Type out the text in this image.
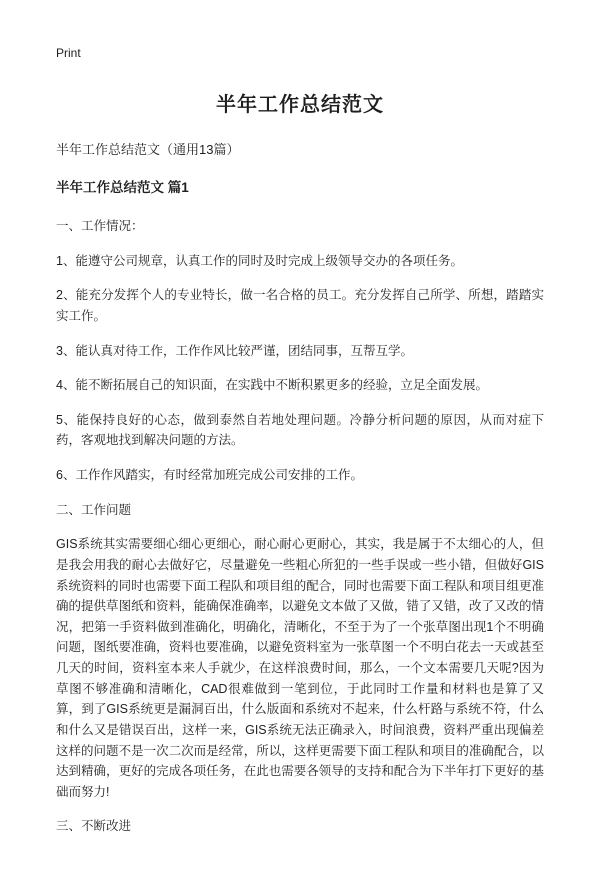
Print
半年工作总结范文

半年工作总结范文（通用13篇）

半年工作总结范文 篇1

一、工作情况：

1、能遵守公司规章，认真工作的同时及时完成上级领导交办的各项任务。

2、能充分发挥个人的专业特长，做一名合格的员工。充分发挥自己所学、所想，踏踏实实工作。

3、能认真对待工作，工作作风比较严谨，团结同事，互帮互学。

4、能不断拓展自己的知识面，在实践中不断积累更多的经验，立足全面发展。

5、能保持良好的心态，做到泰然自若地处理问题。冷静分析问题的原因，从而对症下药，客观地找到解决问题的方法。

6、工作作风踏实，有时经常加班完成公司安排的工作。

二、工作问题

GIS系统其实需要细心细心更细心，耐心耐心更耐心，其实，我是属于不太细心的人，但是我会用我的耐心去做好它，尽量避免一些粗心所犯的一些手误或一些小错，但做好GIS系统资料的同时也需要下面工程队和项目组的配合，同时也需要下面工程队和项目组更准确的提供草图纸和资料，能确保准确率，以避免文本做了又做，错了又错，改了又改的情况，把第一手资料做到准确化，明确化，清晰化，不至于为了一个张草图出现1个不明确问题，图纸要准确，资料也要准确，以避免资料室为一张草图一个不明白花去一天或甚至几天的时间，资料室本来人手就少，在这样浪费时间，那么，一个文本需要几天呢?因为草图不够准确和清晰化，CAD很难做到一笔到位，于此同时工作量和材料也是算了又算，到了GIS系统更是漏洞百出，什么版面和系统对不起来，什么杆路与系统不符，什么和什么又是错误百出，这样一来，GIS系统无法正确录入，时间浪费，资料严重出现偏差这样的问题不是一次二次而是经常，所以，这样更需要下面工程队和项目的准确配合，以达到精确，更好的完成各项任务，在此也需要各领导的支持和配合为下半年打下更好的基础而努力!

三、不断改进
